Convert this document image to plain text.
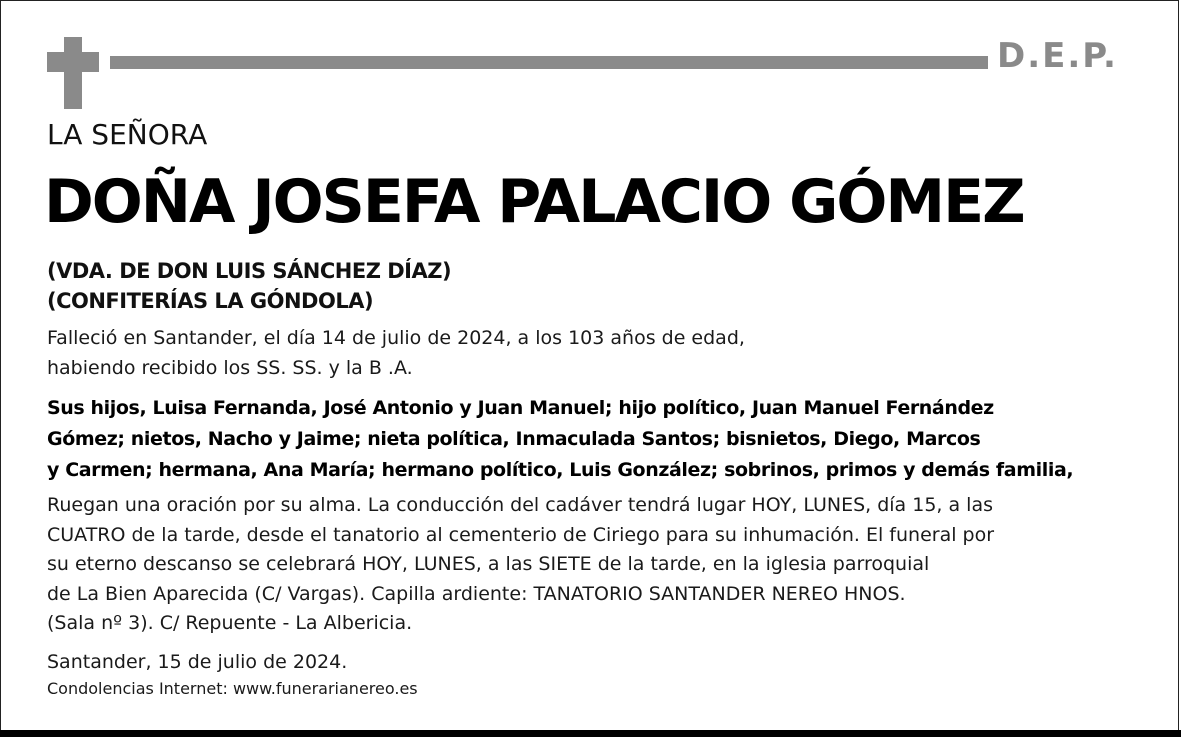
D.E.P.
LA SEÑORA
DOÑA JOSEFA PALACIO GÓMEZ
(VDA. DE DON LUIS SÁNCHEZ DÍAZ)
(CONFITERÍAS LA GÓNDOLA)
Falleció en Santander, el día 14 de julio de 2024, a los 103 años de edad,
habiendo recibido los SS. SS. y la B .A.
Sus hijos, Luisa Fernanda, José Antonio y Juan Manuel; hijo político, Juan Manuel Fernández
Gómez; nietos, Nacho y Jaime; nieta política, Inmaculada Santos; bisnietos, Diego, Marcos
y Carmen; hermana, Ana María; hermano político, Luis González; sobrinos, primos y demás familia,
Ruegan una oración por su alma. La conducción del cadáver tendrá lugar HOY, LUNES, día 15, a las
CUATRO de la tarde, desde el tanatorio al cementerio de Ciriego para su inhumación. El funeral por
su eterno descanso se celebrará HOY, LUNES, a las SIETE de la tarde, en la iglesia parroquial
de La Bien Aparecida (C/ Vargas). Capilla ardiente: TANATORIO SANTANDER NEREO HNOS.
(Sala nº 3). C/ Repuente - La Albericia.
Santander, 15 de julio de 2024.
Condolencias Internet: www.funerarianereo.es
